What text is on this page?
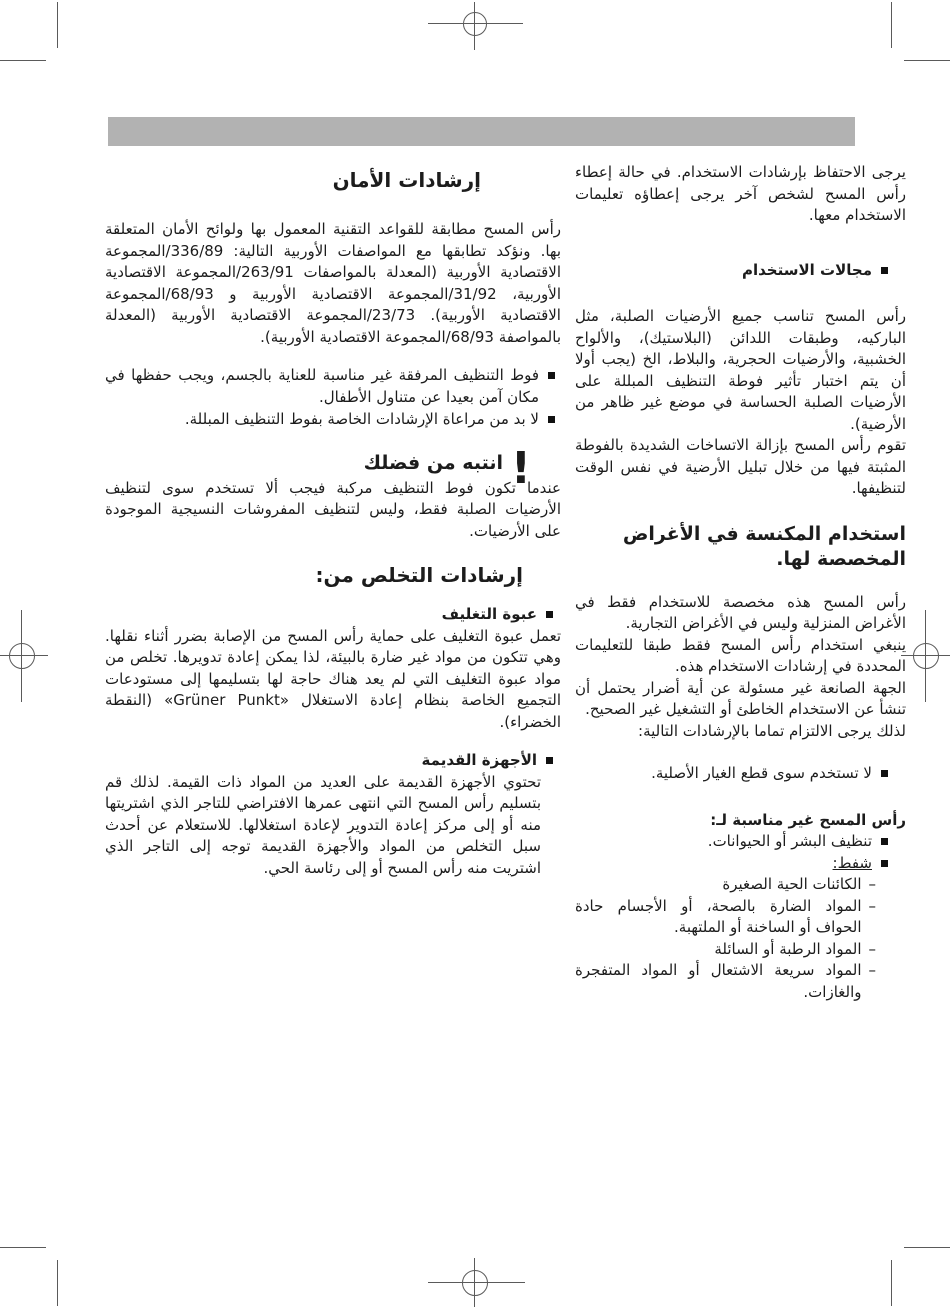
إرشادات الأمان

رأس المسح مطابقة للقواعد التقنية المعمول بها ولوائح الأمان المتعلقة بها. ونؤكد تطابقها مع المواصفات الأوربية التالية: 336/89/المجموعة الاقتصادية الأوربية (المعدلة بالمواصفات 263/91/المجموعة الاقتصادية الأوربية، 31/92/المجموعة الاقتصادية الأوربية و 68/93/المجموعة الاقتصادية الأوربية). 23/73/المجموعة الاقتصادية الأوربية (المعدلة بالمواصفة 68/93/المجموعة الاقتصادية الأوربية).

فوط التنظيف المرفقة غير مناسبة للعناية بالجسم، ويجب حفظها في مكان آمن بعيدا عن متناول الأطفال.
لا بد من مراعاة الإرشادات الخاصة بفوط التنظيف المبللة.
!
انتبه من فضلك

عندما تكون فوط التنظيف مركبة فيجب ألا تستخدم سوى لتنظيف الأرضيات الصلبة فقط، وليس لتنظيف المفروشات النسيجية الموجودة على الأرضيات.

إرشادات التخلص من:
عبوة التغليف

تعمل عبوة التغليف على حماية رأس المسح من الإصابة بضرر أثناء نقلها. وهي تتكون من مواد غير ضارة بالبيئة، لذا يمكن إعادة تدويرها. تخلص من مواد عبوة التغليف التي لم يعد هناك حاجة لها بتسليمها إلى مستودعات التجميع الخاصة بنظام إعادة الاستغلال «Grüner Punkt» (النقطة الخضراء).

الأجهزة القديمة

تحتوي الأجهزة القديمة على العديد من المواد ذات القيمة. لذلك قم بتسليم رأس المسح التي انتهى عمرها الافتراضي للتاجر الذي اشتريتها منه أو إلى مركز إعادة التدوير لإعادة استغلالها. للاستعلام عن أحدث سبل التخلص من المواد والأجهزة القديمة توجه إلى التاجر الذي اشتريت منه رأس المسح أو إلى رئاسة الحي.

يرجى الاحتفاظ بإرشادات الاستخدام. في حالة إعطاء رأس المسح لشخص آخر يرجى إعطاؤه تعليمات الاستخدام معها.

مجالات الاستخدام

رأس المسح تناسب جميع الأرضيات الصلبة، مثل الباركيه، وطبقات اللدائن (البلاستيك)، والألواح الخشبية، والأرضيات الحجرية، والبلاط، الخ (يجب أولا أن يتم اختبار تأثير فوطة التنظيف المبللة على الأرضيات الصلبة الحساسة في موضع غير ظاهر من الأرضية).

تقوم رأس المسح بإزالة الاتساخات الشديدة بالفوطة المثبتة فيها من خلال تبليل الأرضية في نفس الوقت لتنظيفها.

استخدام المكنسة في الأغراض المخصصة لها.

رأس المسح هذه مخصصة للاستخدام فقط في الأغراض المنزلية وليس في الأغراض التجارية.

ينبغي استخدام رأس المسح فقط طبقا للتعليمات المحددة في إرشادات الاستخدام هذه.

الجهة الصانعة غير مسئولة عن أية أضرار يحتمل أن تنشأ عن الاستخدام الخاطئ أو التشغيل غير الصحيح.

لذلك يرجى الالتزام تماما بالإرشادات التالية:

لا تستخدم سوى قطع الغيار الأصلية.

رأس المسح غير مناسبة لـ:

تنظيف البشر أو الحيوانات.
شفط:
–
الكائنات الحية الصغيرة
–
المواد الضارة بالصحة، أو الأجسام حادة الحواف أو الساخنة أو الملتهبة.
–
المواد الرطبة أو السائلة
–
المواد سريعة الاشتعال أو المواد المتفجرة والغازات.
